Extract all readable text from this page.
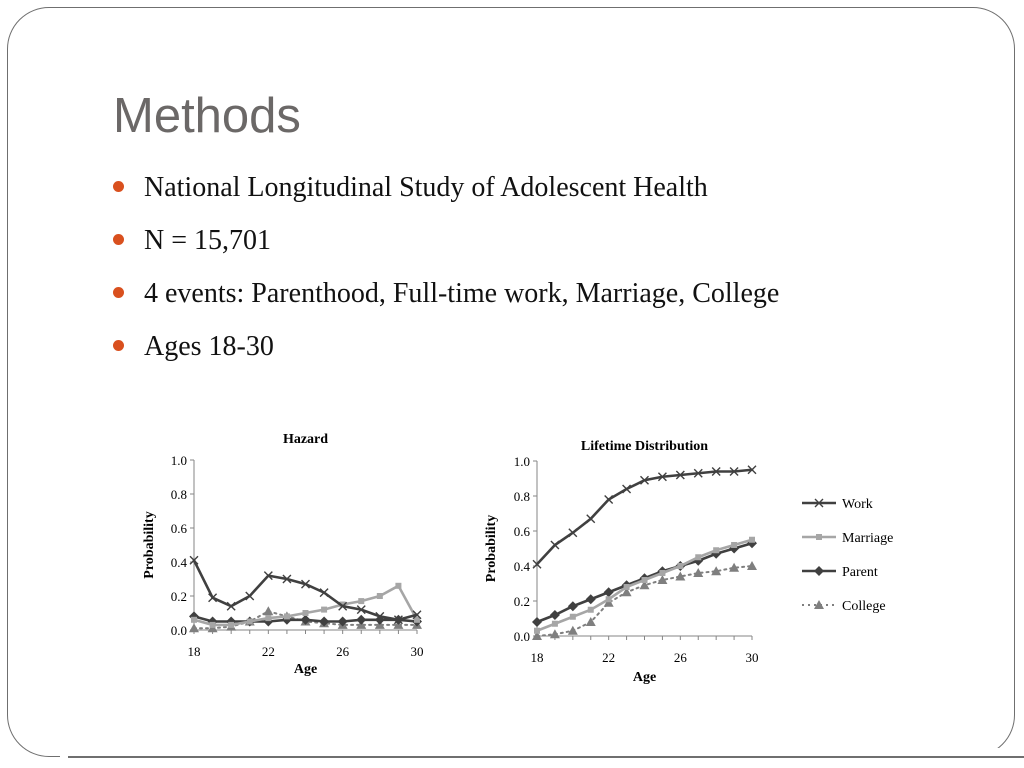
Methods
National Longitudinal Study of Adolescent Health
N = 15,701
4 events: Parenthood, Full-time work, Marriage, College
Ages 18-30
Hazard
0.0
0.2
0.4
0.6
0.8
1.0
18	22	26	30
Age
Probability
Lifetime Distribution
0.0
0.2
0.4
0.6
0.8
1.0
18	22	26	30
Age
Probability
Work
Marriage
Parent
College
